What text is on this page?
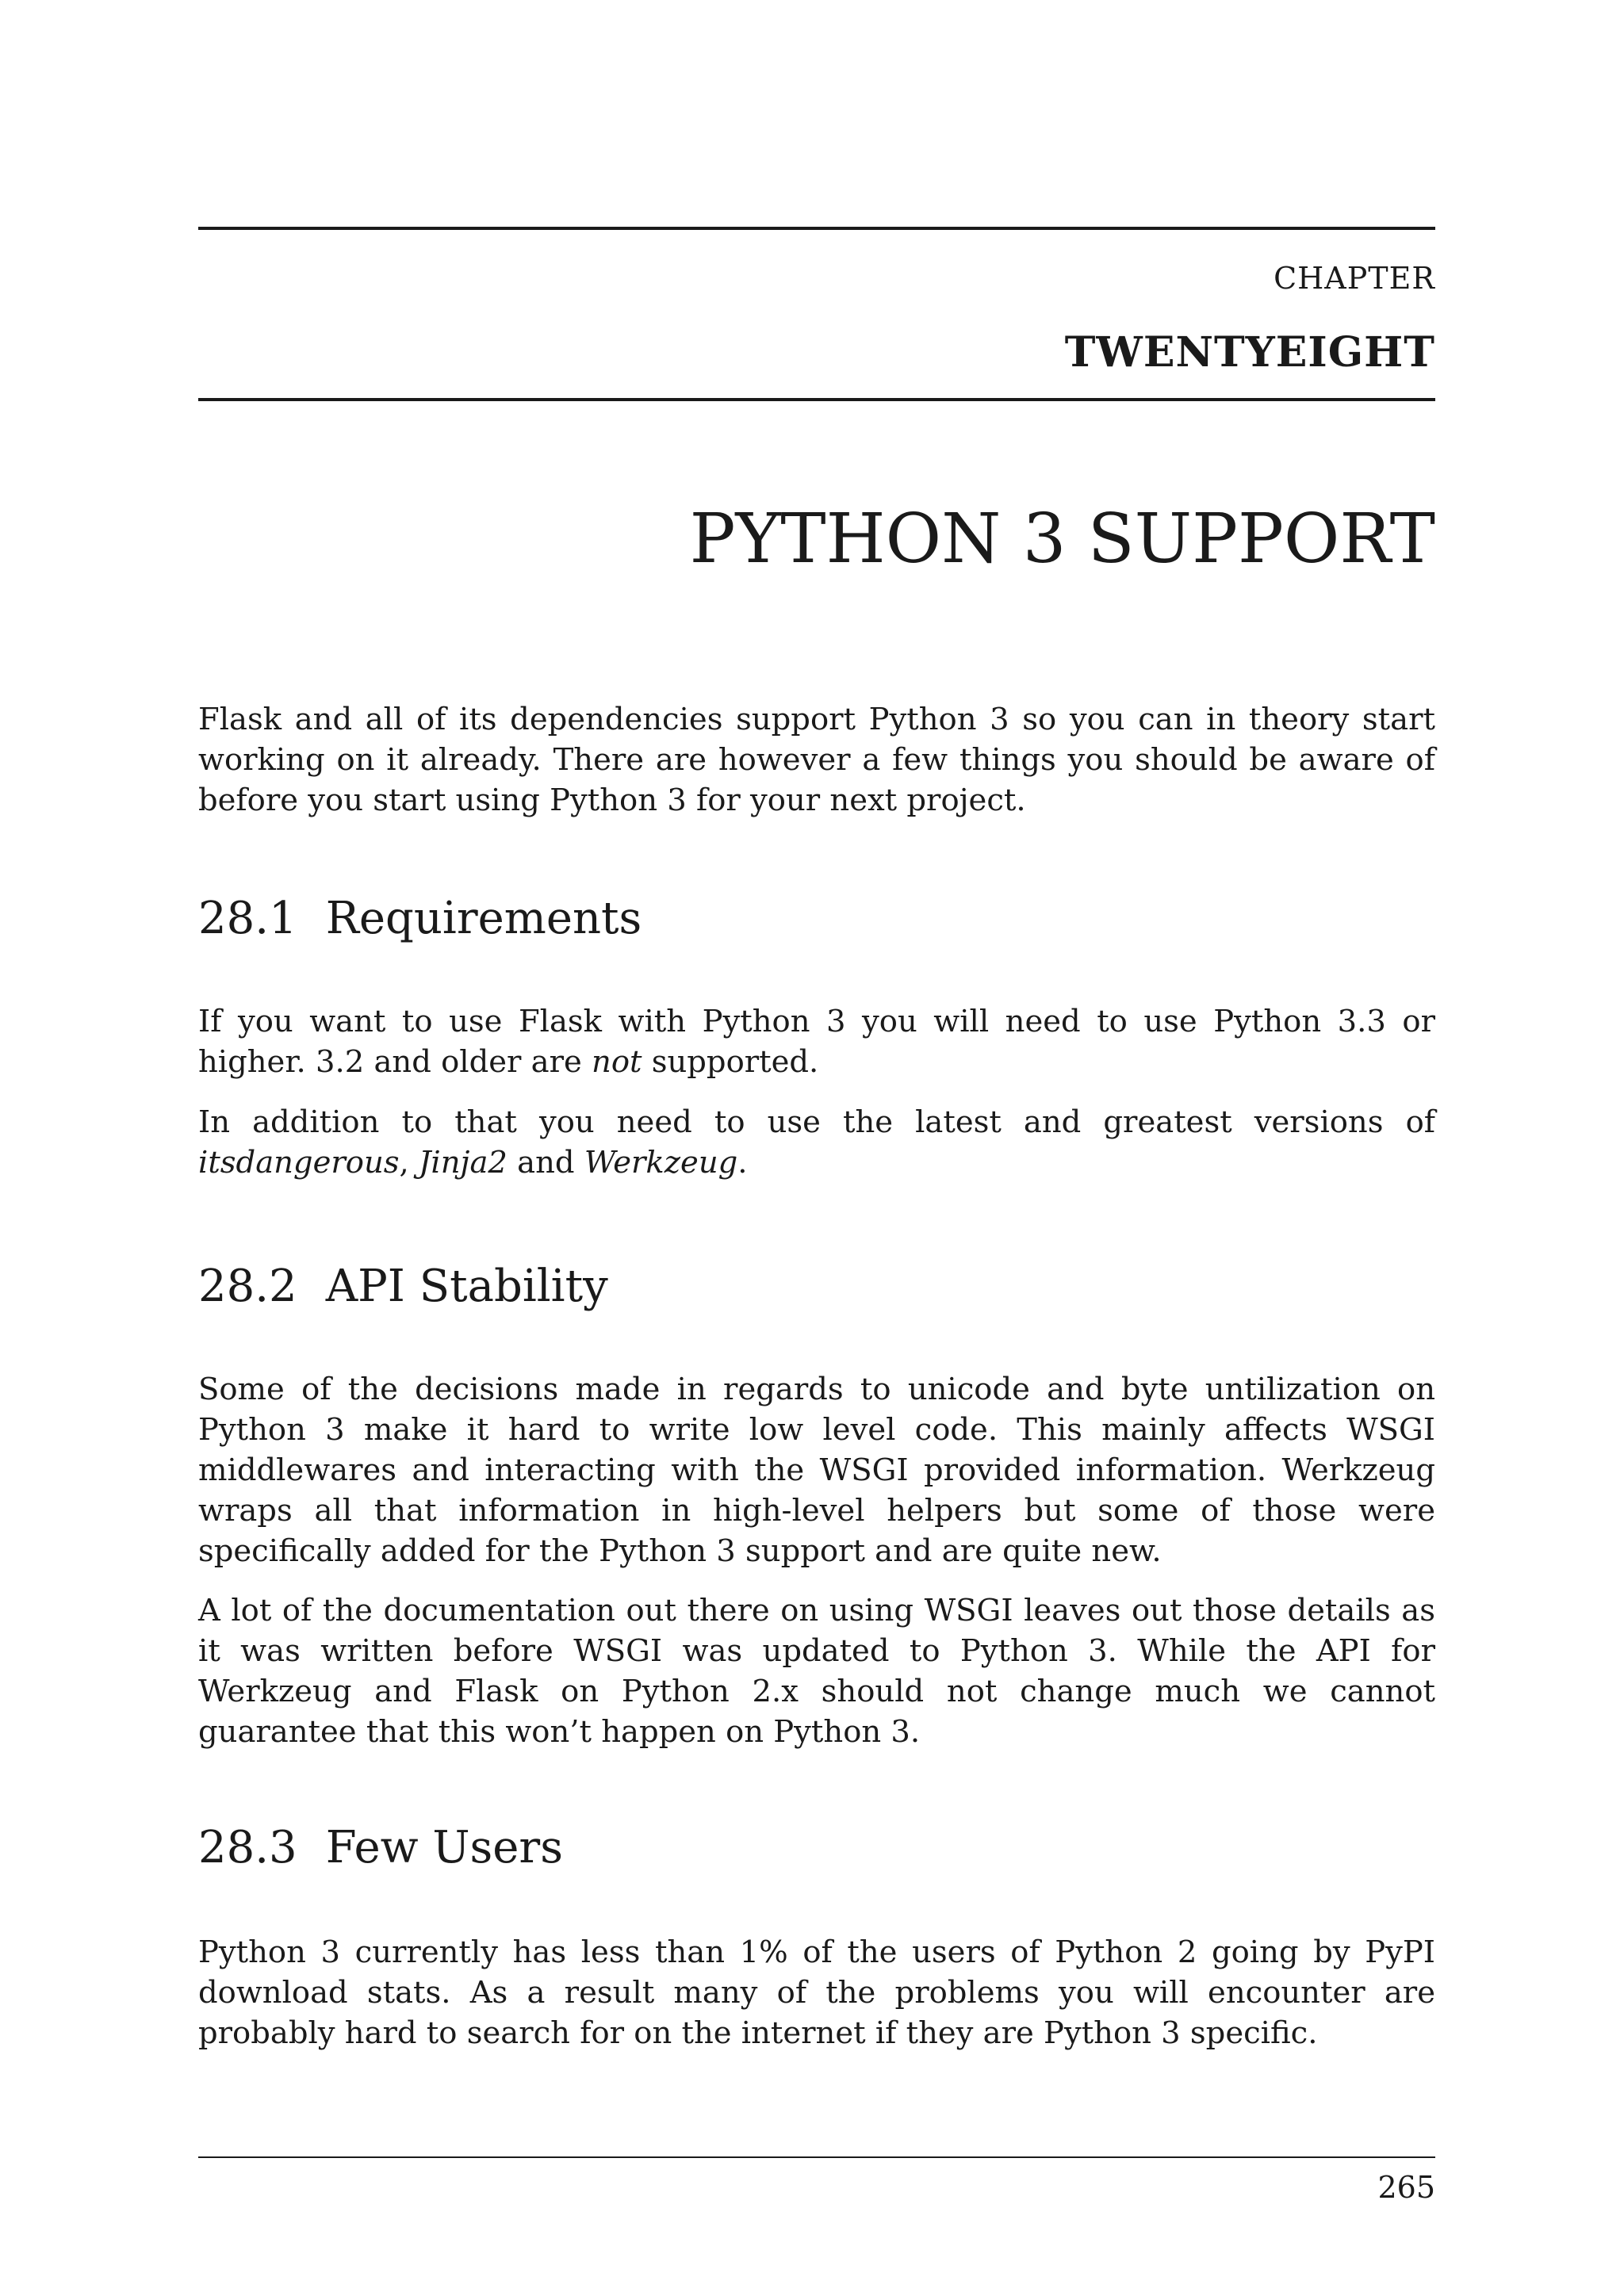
CHAPTER
TWENTYEIGHT
PYTHON 3 SUPPORT

Flask and all of its dependencies support Python 3 so you can in theory start working on it already. There are however a few things you should be aware of before you start using Python 3 for your next project.

28.1 Requirements

If you want to use Flask with Python 3 you will need to use Python 3.3 or higher. 3.2 and older are not supported.

In addition to that you need to use the latest and greatest versions of itsdangerous, Jinja2 and Werkzeug.

28.2 API Stability

Some of the decisions made in regards to unicode and byte untilization on Python 3 make it hard to write low level code. This mainly affects WSGI middlewares and interacting with the WSGI provided information. Werkzeug wraps all that information in high-level helpers but some of those were specifically added for the Python 3 support and are quite new.

A lot of the documentation out there on using WSGI leaves out those details as it was written before WSGI was updated to Python 3. While the API for Werkzeug and Flask on Python 2.x should not change much we cannot guarantee that this won’t happen on Python 3.

28.3 Few Users

Python 3 currently has less than 1% of the users of Python 2 going by PyPI download stats. As a result many of the problems you will encounter are probably hard to search for on the internet if they are Python 3 specific.

265
